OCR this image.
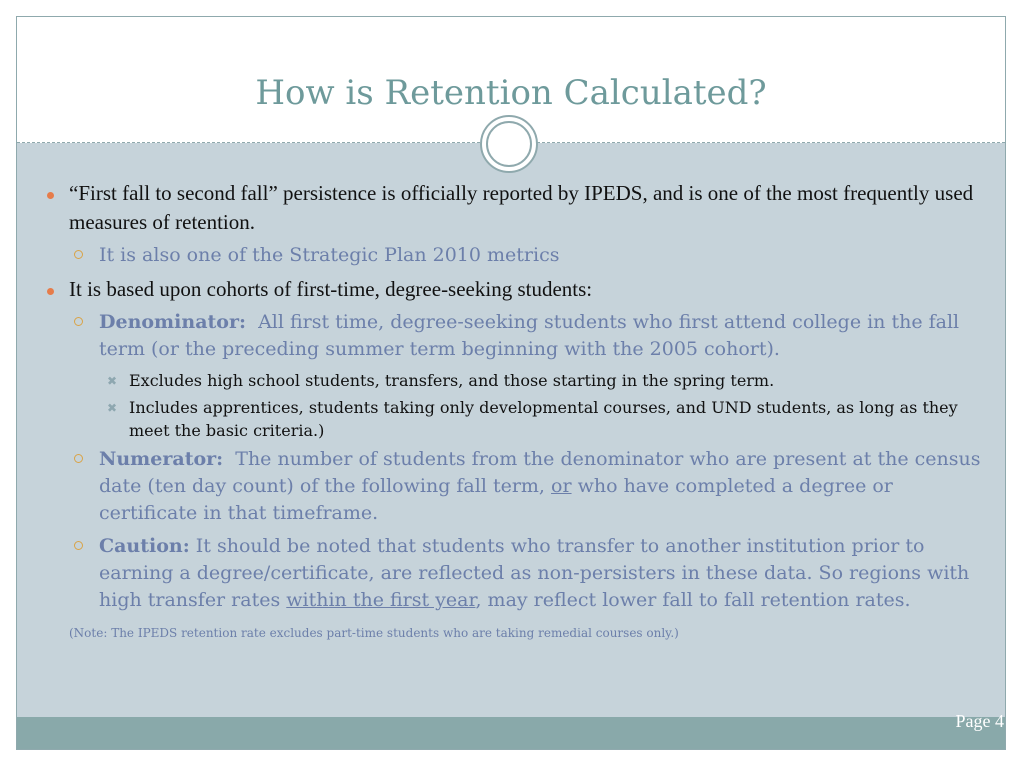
How is Retention Calculated?
“First fall to second fall” persistence is officially reported by IPEDS, and is one of the most frequently used measures of retention.
It is also one of the Strategic Plan 2010 metrics
It is based upon cohorts of first-time, degree-seeking students:
Denominator: All first time, degree-seeking students who first attend college in the fall term (or the preceding summer term beginning with the 2005 cohort).
✖ Excludes high school students, transfers, and those starting in the spring term.
✖ Includes apprentices, students taking only developmental courses, and UND students, as long as they meet the basic criteria.)
Numerator: The number of students from the denominator who are present at the census date (ten day count) of the following fall term, or who have completed a degree or certificate in that timeframe.
Caution: It should be noted that students who transfer to another institution prior to earning a degree/certificate, are reflected as non-persisters in these data. So regions with high transfer rates within the first year, may reflect lower fall to fall retention rates.
(Note: The IPEDS retention rate excludes part-time students who are taking remedial courses only.)
Page 4
